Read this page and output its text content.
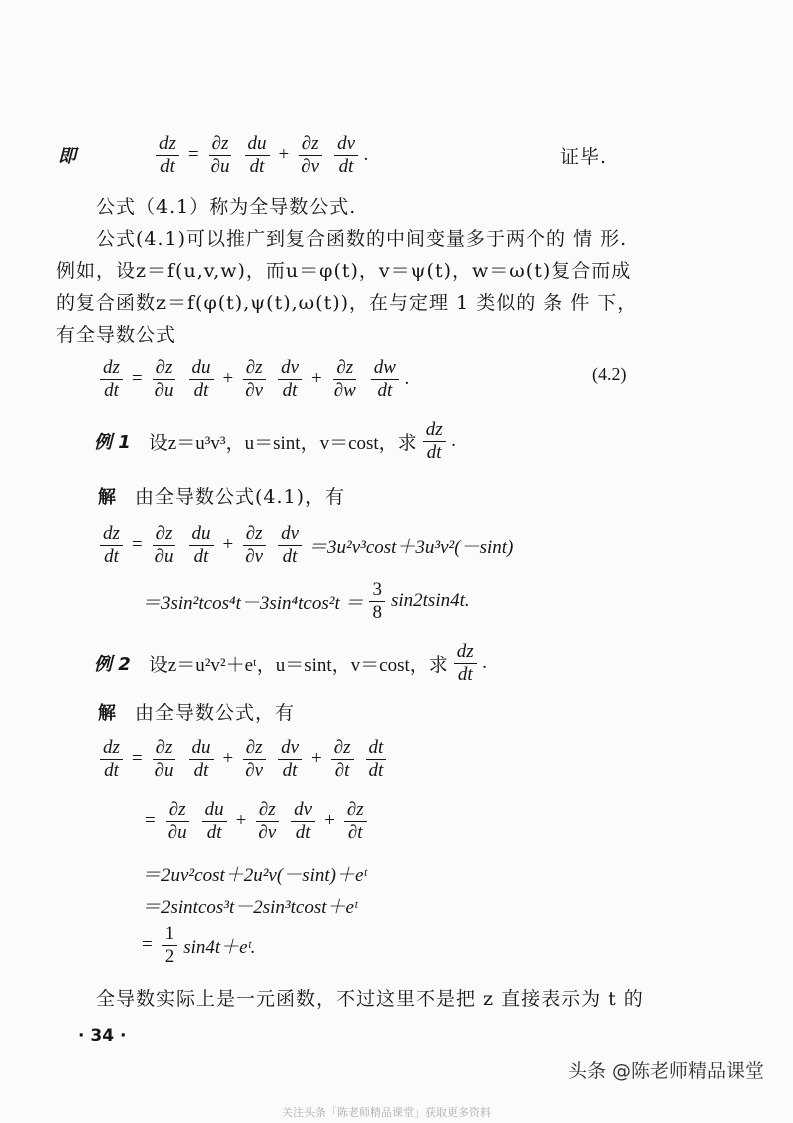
即	$\frac{dz}{dt} = \frac{\partial z}{\partial u} \frac{du}{dt} + \frac{\partial z}{\partial v} \frac{dv}{dt}$ .	证毕.
公式（4.1）称为全导数公式.
公式(4.1)可以推广到复合函数的中间变量多于两个的 情 形.
例如，设z＝f(u,v,w)，而u＝φ(t)，v＝ψ(t)，w＝ω(t)复合而成
的复合函数z＝f(φ(t),ψ(t),ω(t))，在与定理 1 类似的 条 件 下，
有全导数公式
$\frac{dz}{dt} = \frac{\partial z}{\partial u} \frac{du}{dt} + \frac{\partial z}{\partial v} \frac{dv}{dt} + \frac{\partial z}{\partial w} \frac{dw}{dt}$ .	(4.2)
例 1 设z＝u³v³，u＝sint，v＝cost，求 $\frac{dz}{dt}$ .
解 由全导数公式(4.1)，有
$\frac{dz}{dt} = \frac{\partial z}{\partial u} \frac{du}{dt} + \frac{\partial z}{\partial v} \frac{dv}{dt} =3u^2v^3\cos t+3u^3v^2(-\sin t)$
$=3\sin^2tcos^4t-3\sin^4tcos^2t = \frac{3}{8} \sin 2tsin4t$.
例 2 设z＝u²v²＋eᵗ，u＝sint，v＝cost，求 $\frac{dz}{dt}$ .
解 由全导数公式，有
$\frac{dz}{dt} = \frac{\partial z}{\partial u} \frac{du}{dt} + \frac{\partial z}{\partial v} \frac{dv}{dt} + \frac{\partial z}{\partial t} \frac{dt}{dt}$
= $\frac{\partial z}{\partial u} \frac{du}{dt} + \frac{\partial z}{\partial v} \frac{dv}{dt} + \frac{\partial z}{\partial t}$
＝2uv²cost＋2u²v(－sint)＋eᵗ
＝2sintcos³t－2sin³tcost＋eᵗ
= $\frac{1}{2}$ sin4t＋eᵗ.
全导数实际上是一元函数，不过这里不是把 z 直接表示为 t 的
· 34 ·
头条 @陈老师精品课堂
关注头条「陈老师精品课堂」获取更多资料
